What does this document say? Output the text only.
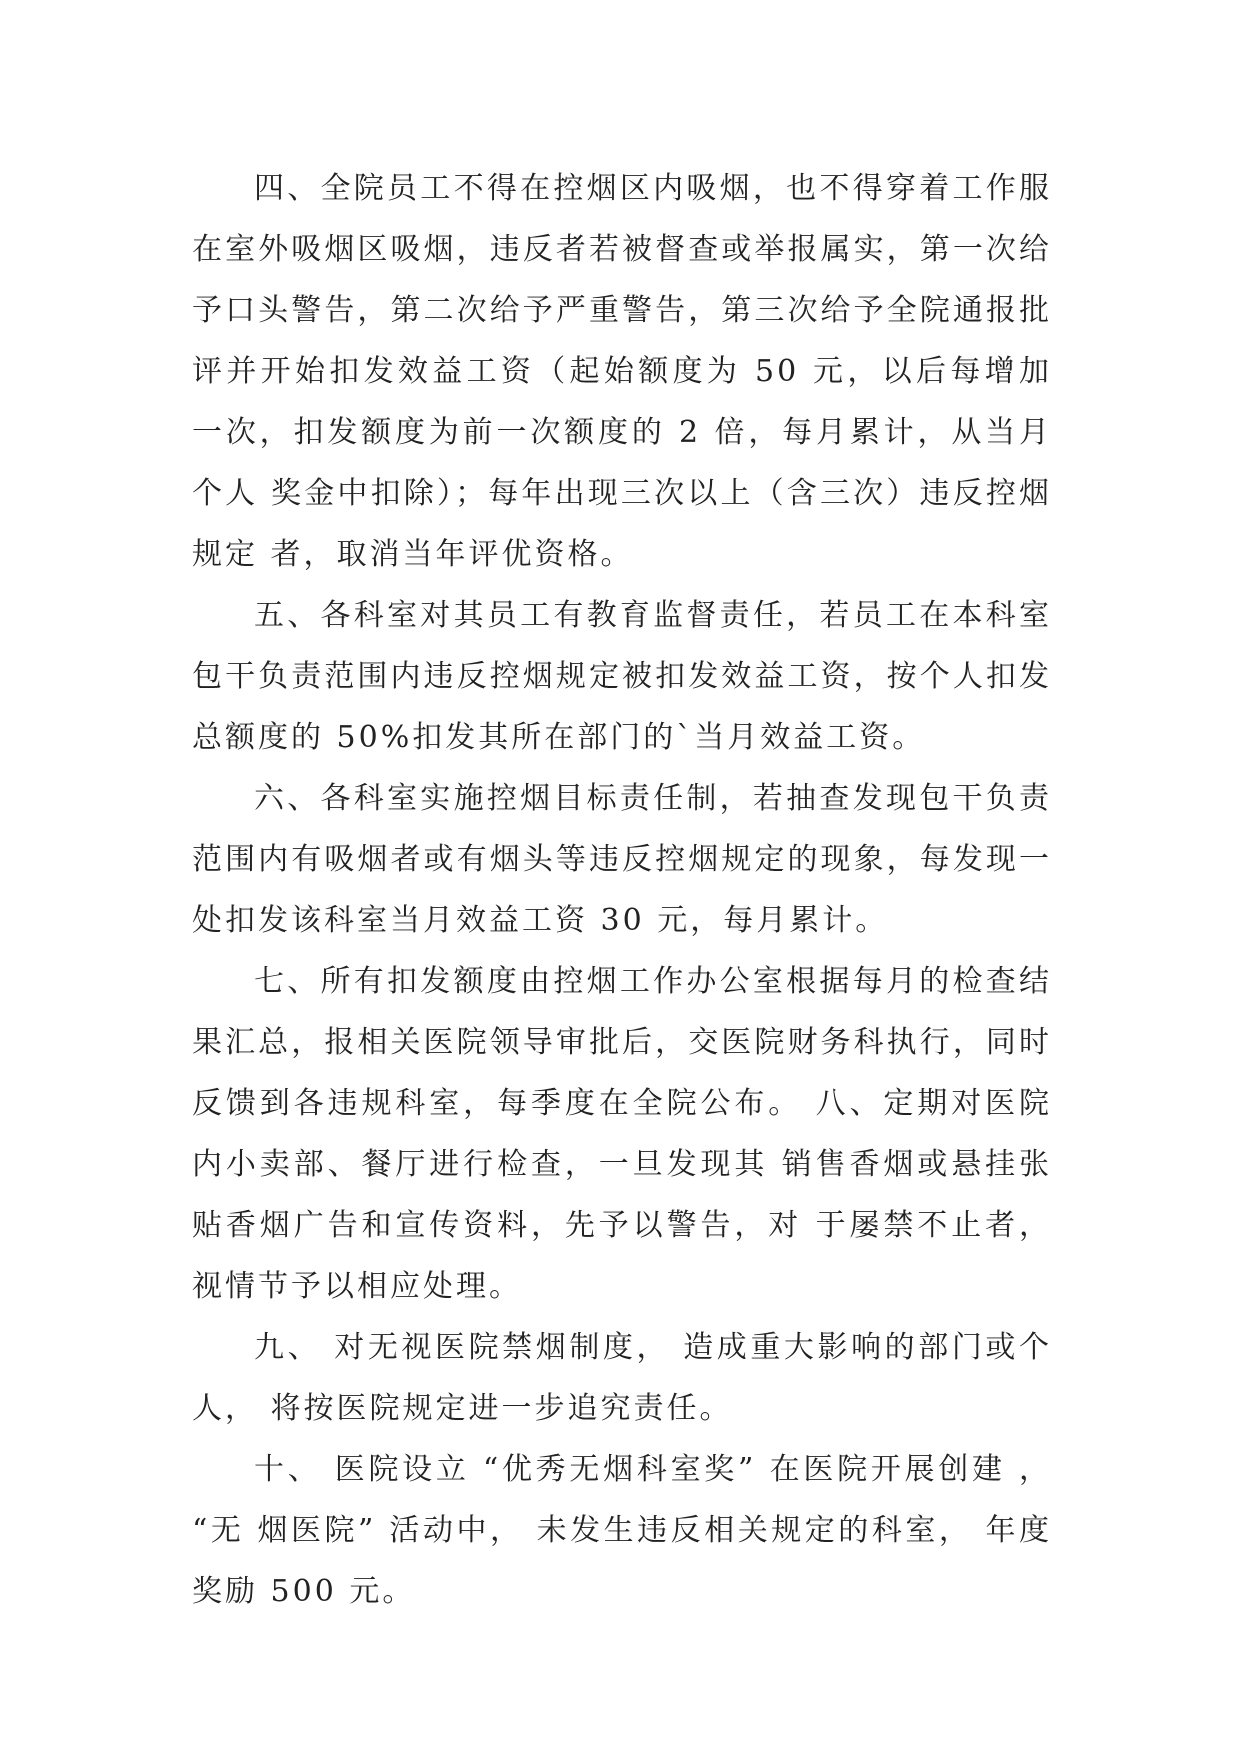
四、全院员工不得在控烟区内吸烟，也不得穿着工作服在室外吸烟区吸烟，违反者若被督查或举报属实，第一次给予口头警告，第二次给予严重警告，第三次给予全院通报批评并开始扣发效益工资（起始额度为 50 元，以后每增加一次，扣发额度为前一次额度的 2 倍，每月累计，从当月个人 奖金中扣除）；每年出现三次以上（含三次）违反控烟规定 者，取消当年评优资格。

五、各科室对其员工有教育监督责任，若员工在本科室包干负责范围内违反控烟规定被扣发效益工资，按个人扣发总额度的 50%扣发其所在部门的`当月效益工资。

六、各科室实施控烟目标责任制，若抽查发现包干负责范围内有吸烟者或有烟头等违反控烟规定的现象，每发现一处扣发该科室当月效益工资 30 元，每月累计。

七、所有扣发额度由控烟工作办公室根据每月的检查结果汇总，报相关医院领导审批后，交医院财务科执行，同时反馈到各违规科室，每季度在全院公布。 八、定期对医院内小卖部、餐厅进行检查，一旦发现其 销售香烟或悬挂张贴香烟广告和宣传资料，先予以警告，对 于屡禁不止者，视情节予以相应处理。

九、 对无视医院禁烟制度， 造成重大影响的部门或个人， 将按医院规定进一步追究责任。

十、 医院设立 “优秀无烟科室奖” 在医院开展创建 ， “无 烟医院” 活动中， 未发生违反相关规定的科室， 年度奖励 500 元。
